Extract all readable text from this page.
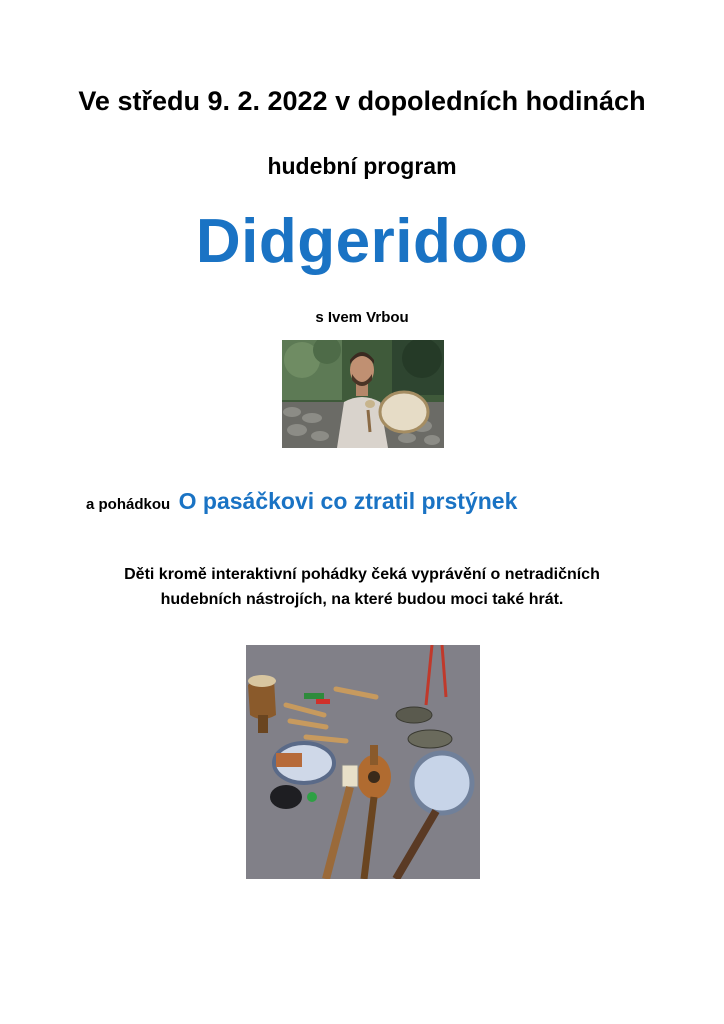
Ve středu 9. 2. 2022 v dopoledních hodinách
hudební program
Didgeridoo
s Ivem Vrbou
a pohádkou O pasáčkovi co ztratil prstýnek
Děti kromě interaktivní pohádky čeká vyprávění o netradičních
hudebních nástrojích, na které budou moci také hrát.
